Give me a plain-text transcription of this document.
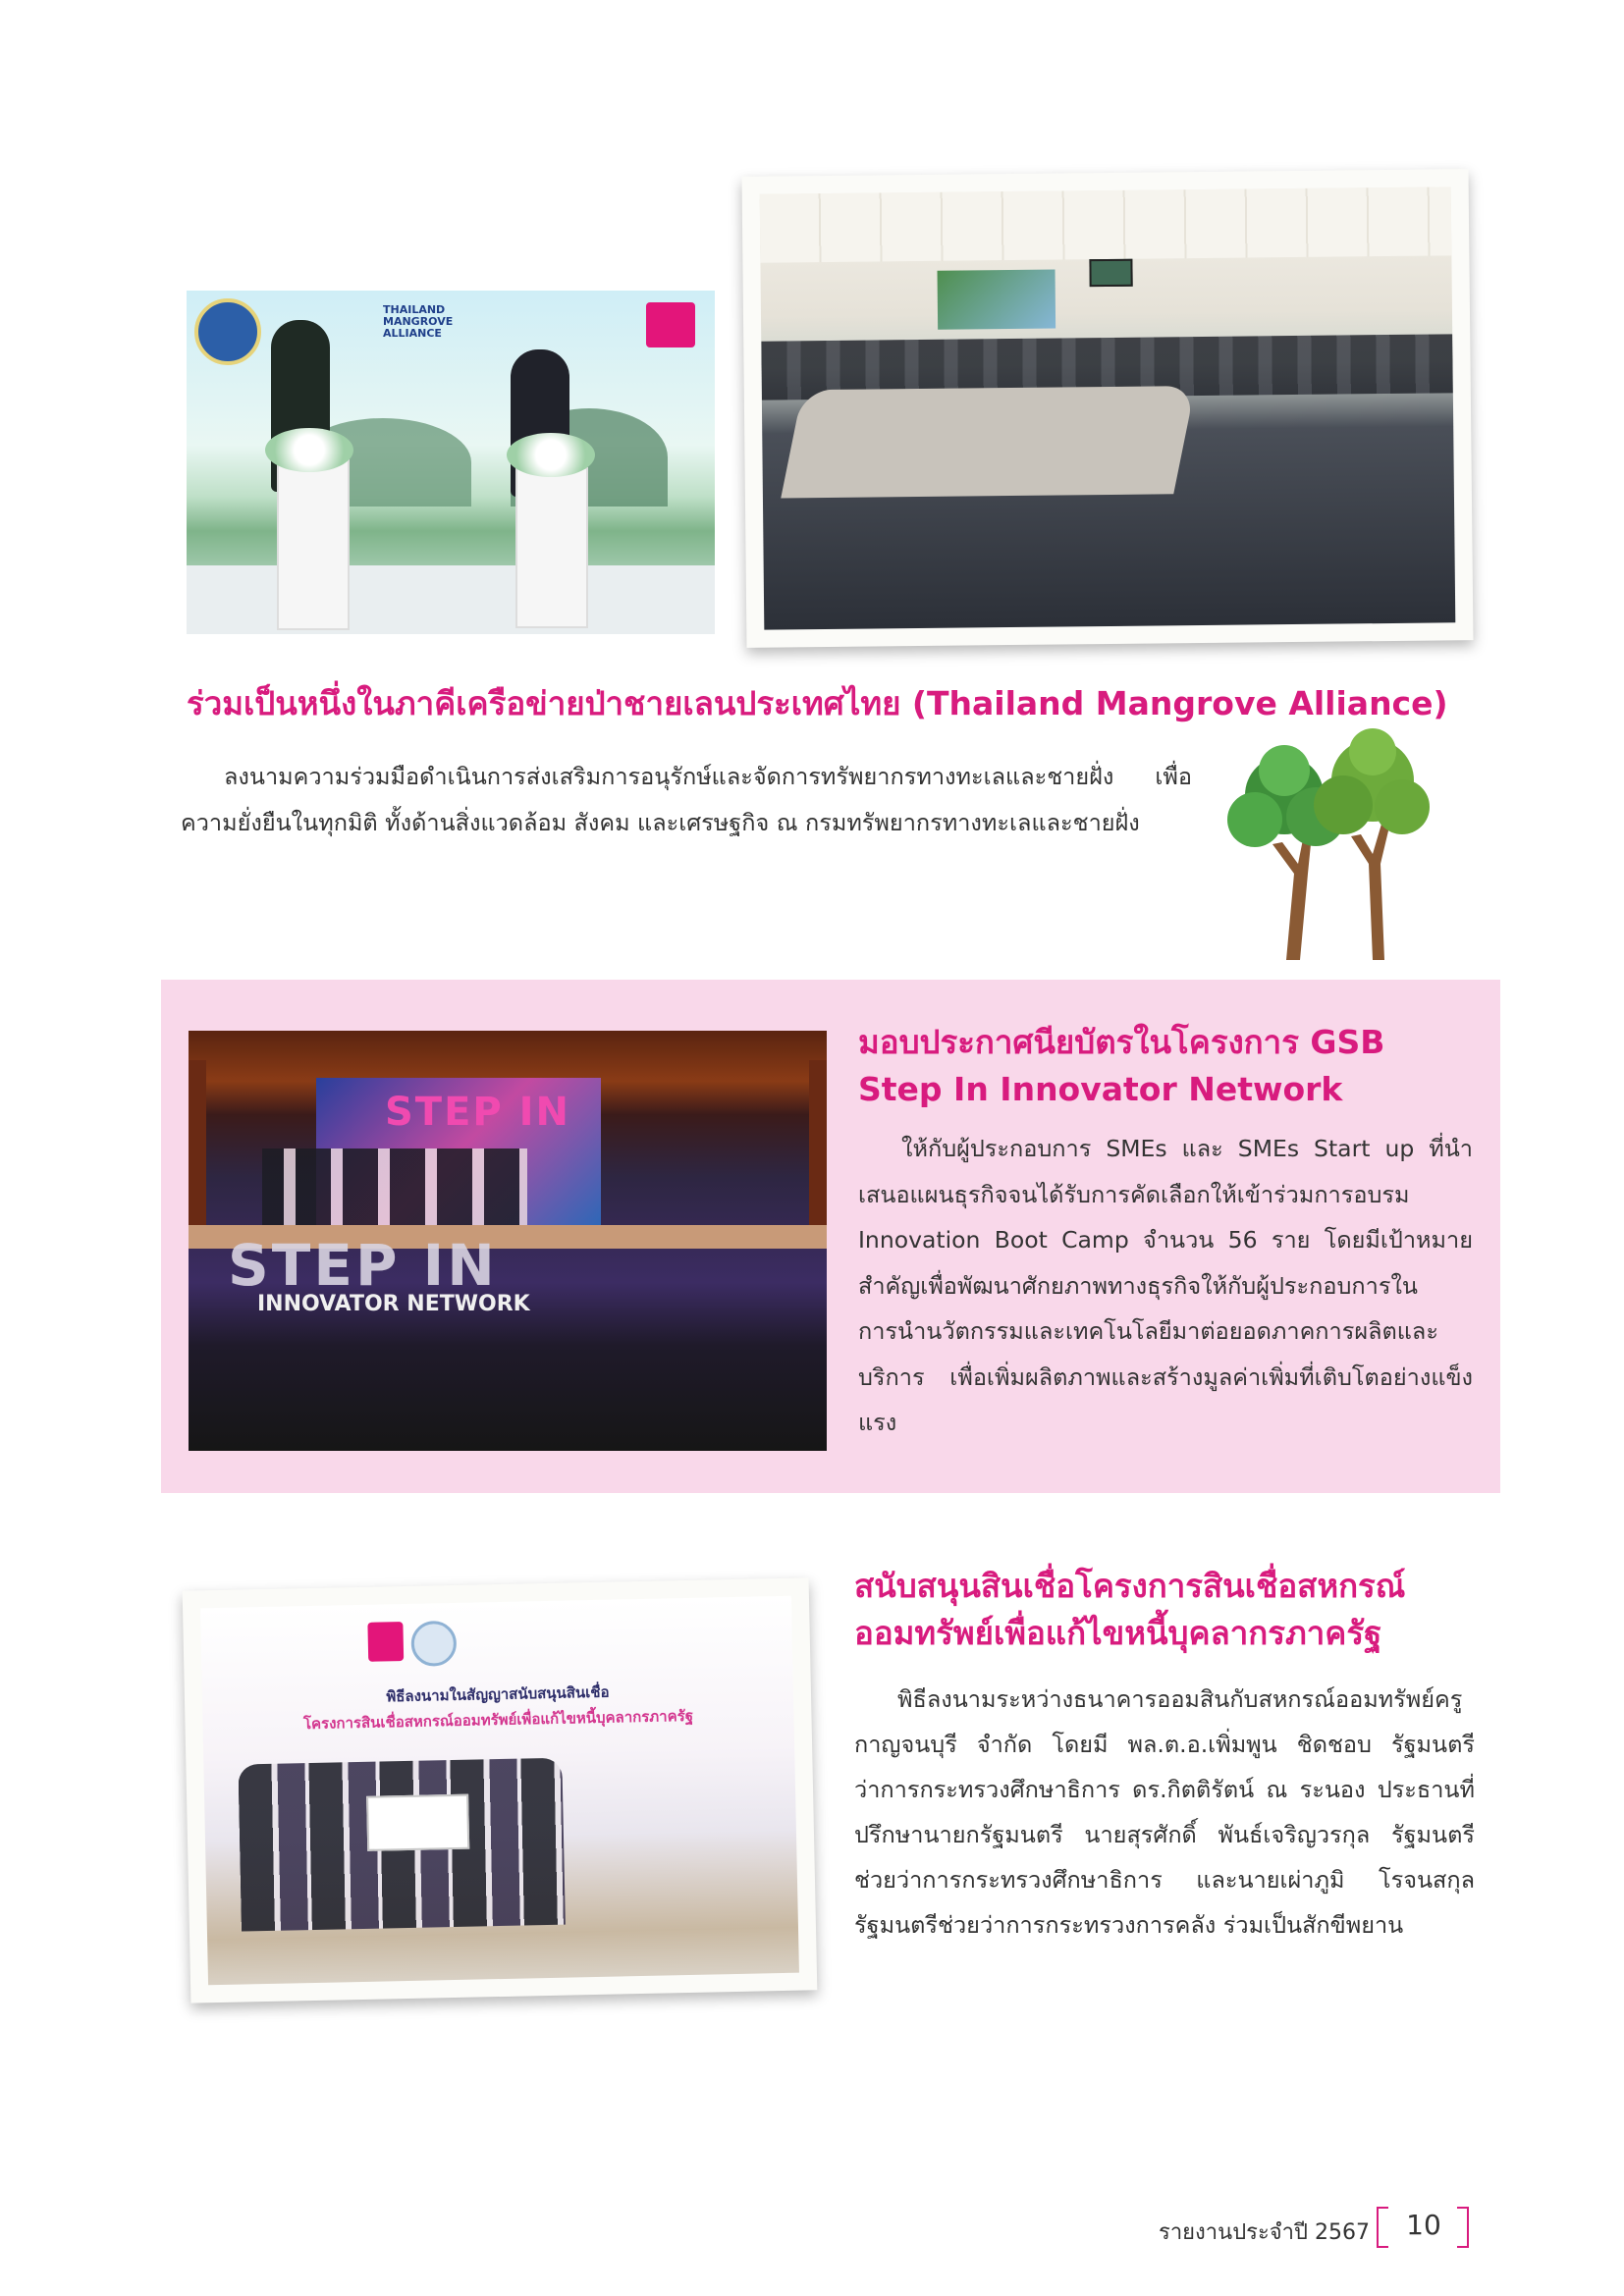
THAILAND MANGROVE ALLIANCE
ร่วมเป็นหนึ่งในภาคีเครือข่ายป่าชายเลนประเทศไทย (Thailand Mangrove Alliance)
ลงนามความร่วมมือดำเนินการส่งเสริมการอนุรักษ์และจัดการทรัพยากรทางทะเลและชายฝั่ง เพื่อความยั่งยืนในทุกมิติ ทั้งด้านสิ่งแวดล้อม สังคม และเศรษฐกิจ ณ กรมทรัพยากรทางทะเลและชายฝั่ง
STEP IN
STEP IN
INNOVATOR NETWORK
มอบประกาศนียบัตรในโครงการ GSB
Step In Innovator Network
ให้กับผู้ประกอบการ SMEs และ SMEs Start up ที่นำเสนอแผนธุรกิจจนได้รับการคัดเลือกให้เข้าร่วมการอบรม Innovation Boot Camp จำนวน 56 ราย โดยมีเป้าหมายสำคัญเพื่อพัฒนาศักยภาพทางธุรกิจให้กับผู้ประกอบการในการนำนวัตกรรมและเทคโนโลยีมาต่อยอดภาคการผลิตและบริการ เพื่อเพิ่มผลิตภาพและสร้างมูลค่าเพิ่มที่เติบโตอย่างแข็งแรง
พิธีลงนามในสัญญาสนับสนุนสินเชื่อ
โครงการสินเชื่อสหกรณ์ออมทรัพย์เพื่อแก้ไขหนี้บุคลากรภาครัฐ
สนับสนุนสินเชื่อโครงการสินเชื่อสหกรณ์
ออมทรัพย์เพื่อแก้ไขหนี้บุคลากรภาครัฐ
พิธีลงนามระหว่างธนาคารออมสินกับสหกรณ์ออมทรัพย์ครูกาญจนบุรี จำกัด โดยมี พล.ต.อ.เพิ่มพูน ชิดชอบ รัฐมนตรีว่าการกระทรวงศึกษาธิการ ดร.กิตติรัตน์ ณ ระนอง ประธานที่ปรึกษานายกรัฐมนตรี นายสุรศักดิ์ พันธ์เจริญวรกุล รัฐมนตรีช่วยว่าการกระทรวงศึกษาธิการ และนายเผ่าภูมิ โรจนสกุล รัฐมนตรีช่วยว่าการกระทรวงการคลัง ร่วมเป็นสักขีพยาน
รายงานประจำปี 2567	10
